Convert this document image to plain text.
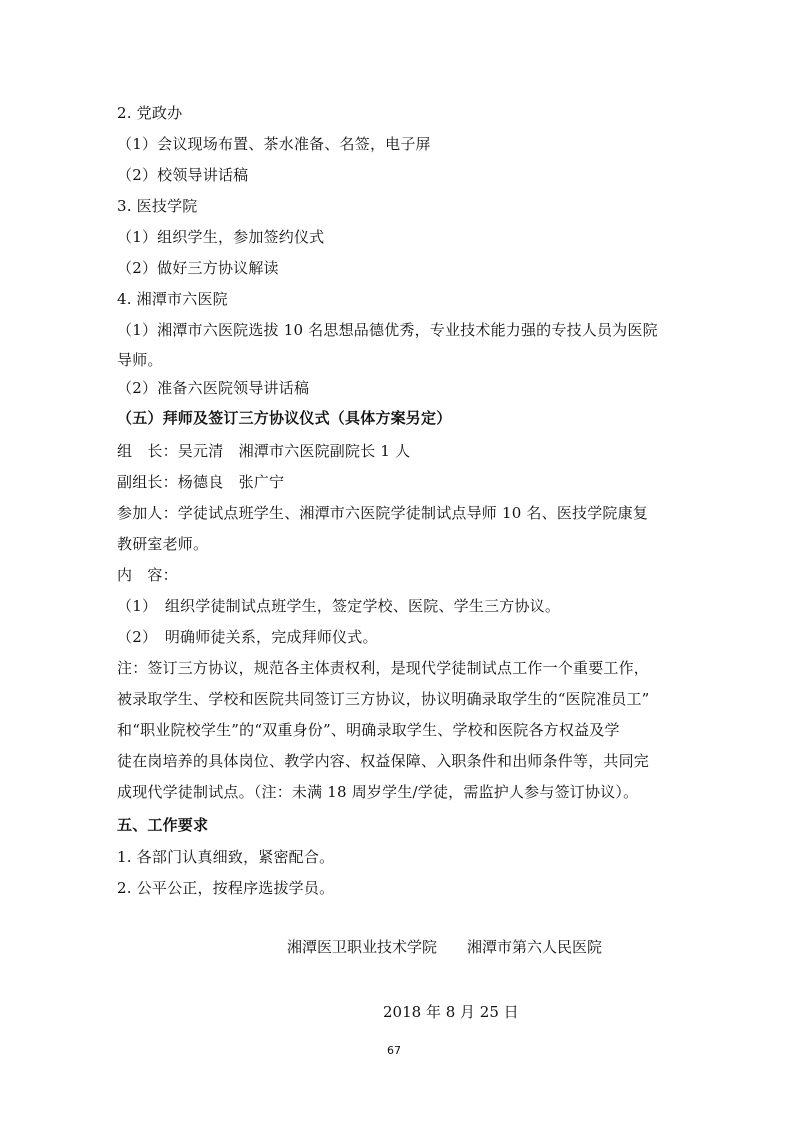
2. 党政办
（1）会议现场布置、茶水准备、名签，电子屏
（2）校领导讲话稿
3. 医技学院
（1）组织学生，参加签约仪式
（2）做好三方协议解读
4. 湘潭市六医院
（1）湘潭市六医院选拔 10 名思想品德优秀，专业技术能力强的专技人员为医院
导师。
（2）准备六医院领导讲话稿
（五）拜师及签订三方协议仪式（具体方案另定）
组　长：吴元清　湘潭市六医院副院长 1 人
副组长：杨德良　张广宁
参加人：学徒试点班学生、湘潭市六医院学徒制试点导师 10 名、医技学院康复
教研室老师。
内　容：
（1）　组织学徒制试点班学生，签定学校、医院、学生三方协议。
（2）　明确师徒关系，完成拜师仪式。
注：签订三方协议，规范各主体责权利，是现代学徒制试点工作一个重要工作，
被录取学生、学校和医院共同签订三方协议，协议明确录取学生的“医院准员工”
和“职业院校学生”的“双重身份”、明确录取学生、学校和医院各方权益及学
徒在岗培养的具体岗位、教学内容、权益保障、入职条件和出师条件等，共同完
成现代学徒制试点。（注：未满 18 周岁学生/学徒，需监护人参与签订协议）。
五、工作要求
1. 各部门认真细致，紧密配合。
2. 公平公正，按程序选拔学员。
湘潭医卫职业技术学院　　湘潭市第六人民医院
2018 年 8 月 25 日
67
